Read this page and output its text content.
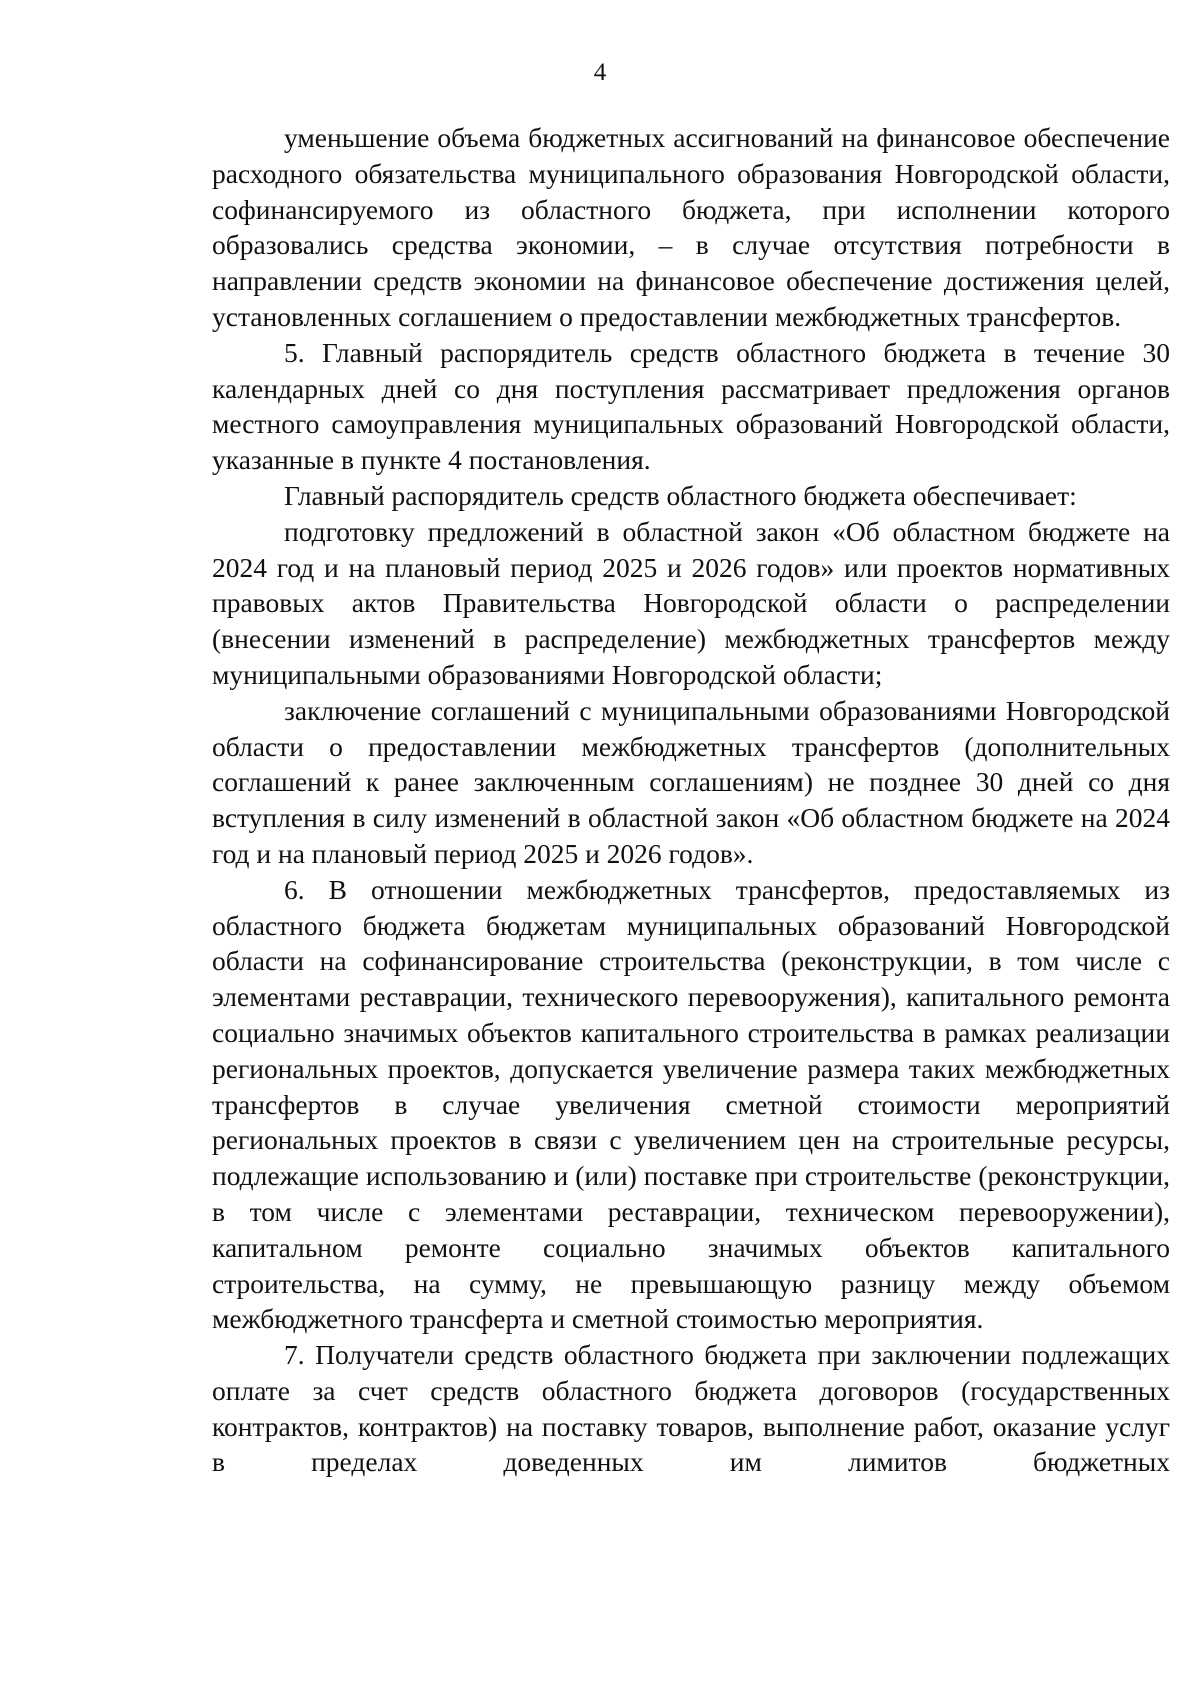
4

уменьшение объема бюджетных ассигнований на финансовое обеспечение расходного обязательства муниципального образования Новгородской области, софинансируемого из областного бюджета, при исполнении которого образовались средства экономии, – в случае отсутствия потребности в направлении средств экономии на финансовое обеспечение достижения целей, установленных соглашением о предоставлении межбюджетных трансфертов.

5. Главный распорядитель средств областного бюджета в течение 30 календарных дней со дня поступления рассматривает предложения органов местного самоуправления муниципальных образований Новгородской области, указанные в пункте 4 постановления.

Главный распорядитель средств областного бюджета обеспечивает:

подготовку предложений в областной закон «Об областном бюджете на 2024 год и на плановый период 2025 и 2026 годов» или проектов нормативных правовых актов Правительства Новгородской области о распределении (внесении изменений в распределение) межбюджетных трансфертов между муниципальными образованиями Новгородской области;

заключение соглашений с муниципальными образованиями Новгородской области о предоставлении межбюджетных трансфертов (дополнительных соглашений к ранее заключенным соглашениям) не позднее 30 дней со дня вступления в силу изменений в областной закон «Об областном бюджете на 2024 год и на плановый период 2025 и 2026 годов».

6. В отношении межбюджетных трансфертов, предоставляемых из областного бюджета бюджетам муниципальных образований Новгородской области на софинансирование строительства (реконструкции, в том числе с элементами реставрации, технического перевооружения), капитального ремонта социально значимых объектов капитального строительства в рамках реализации региональных проектов, допускается увеличение размера таких межбюджетных трансфертов в случае увеличения сметной стоимости мероприятий региональных проектов в связи с увеличением цен на строительные ресурсы, подлежащие использованию и (или) поставке при строительстве (реконструкции, в том числе с элементами реставрации, техническом перевооружении), капитальном ремонте социально значимых объектов капитального строительства, на сумму, не превышающую разницу между объемом межбюджетного трансферта и сметной стоимостью мероприятия.

7. Получатели средств областного бюджета при заключении подлежащих оплате за счет средств областного бюджета договоров (государственных контрактов, контрактов) на поставку товаров, выполнение работ, оказание услуг в пределах доведенных им лимитов бюджетных
